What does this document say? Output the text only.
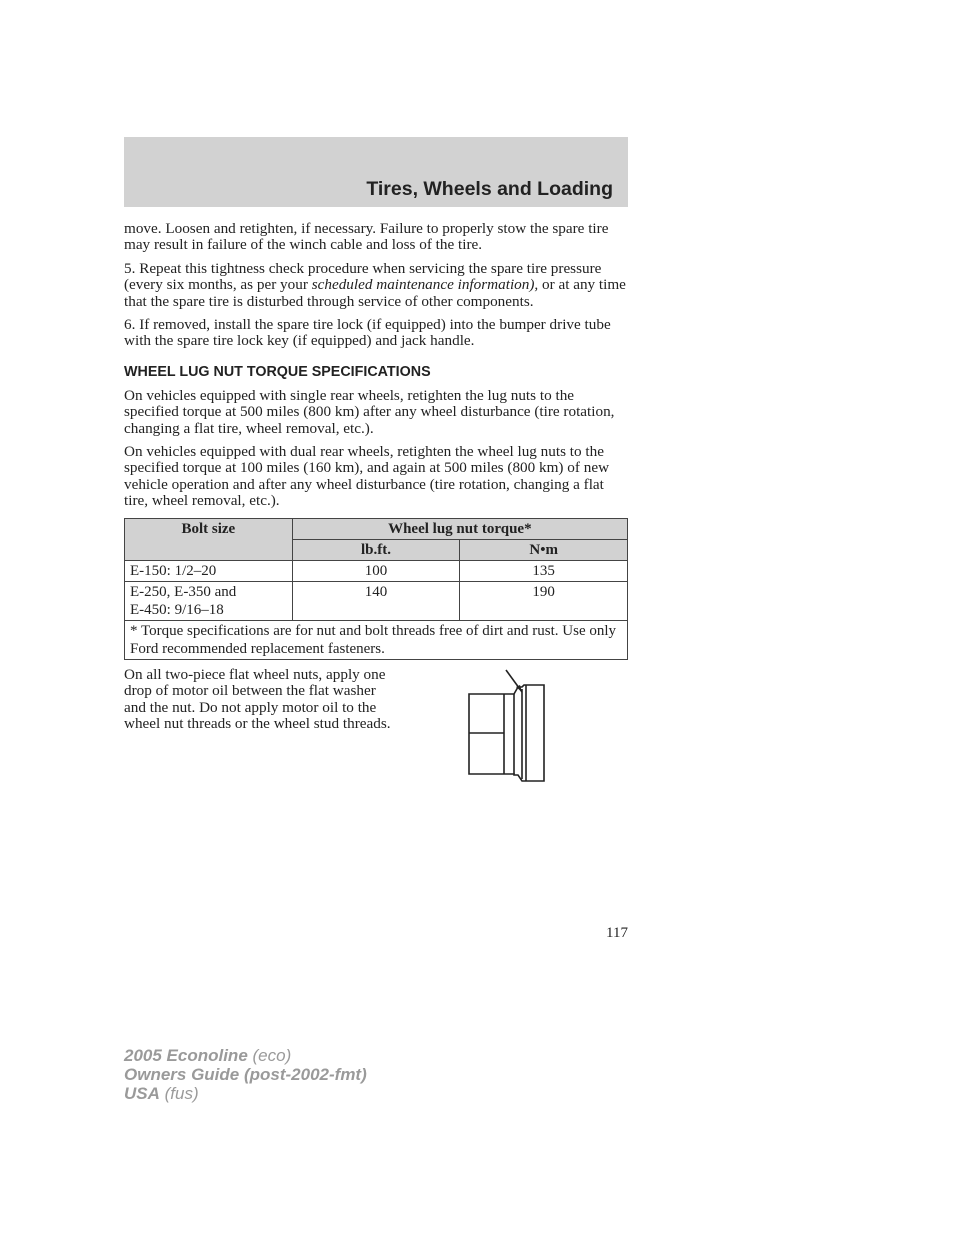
Tires, Wheels and Loading

move. Loosen and retighten, if necessary. Failure to properly stow the spare tire may result in failure of the winch cable and loss of the tire.

5. Repeat this tightness check procedure when servicing the spare tire pressure (every six months, as per your scheduled maintenance information), or at any time that the spare tire is disturbed through service of other components.

6. If removed, install the spare tire lock (if equipped) into the bumper drive tube with the spare tire lock key (if equipped) and jack handle.

WHEEL LUG NUT TORQUE SPECIFICATIONS

On vehicles equipped with single rear wheels, retighten the lug nuts to the specified torque at 500 miles (800 km) after any wheel disturbance (tire rotation, changing a flat tire, wheel removal, etc.).

On vehicles equipped with dual rear wheels, retighten the wheel lug nuts to the specified torque at 100 miles (160 km), and again at 500 miles (800 km) of new vehicle operation and after any wheel disturbance (tire rotation, changing a flat tire, wheel removal, etc.).

Bolt size	Wheel lug nut torque*	
	lb.ft.	N•m
E-150: 1/2–20	100	135
E-250, E-350 and
E-450: 9/16–18	140	190
* Torque specifications are for nut and bolt threads free of dirt and rust. Use only Ford recommended replacement fasteners.		
On all two-piece flat wheel nuts, apply one drop of motor oil between the flat washer and the nut. Do not apply motor oil to the wheel nut threads or the wheel stud threads.
117
2005 Econoline (eco)
Owners Guide (post-2002-fmt)
USA (fus)
